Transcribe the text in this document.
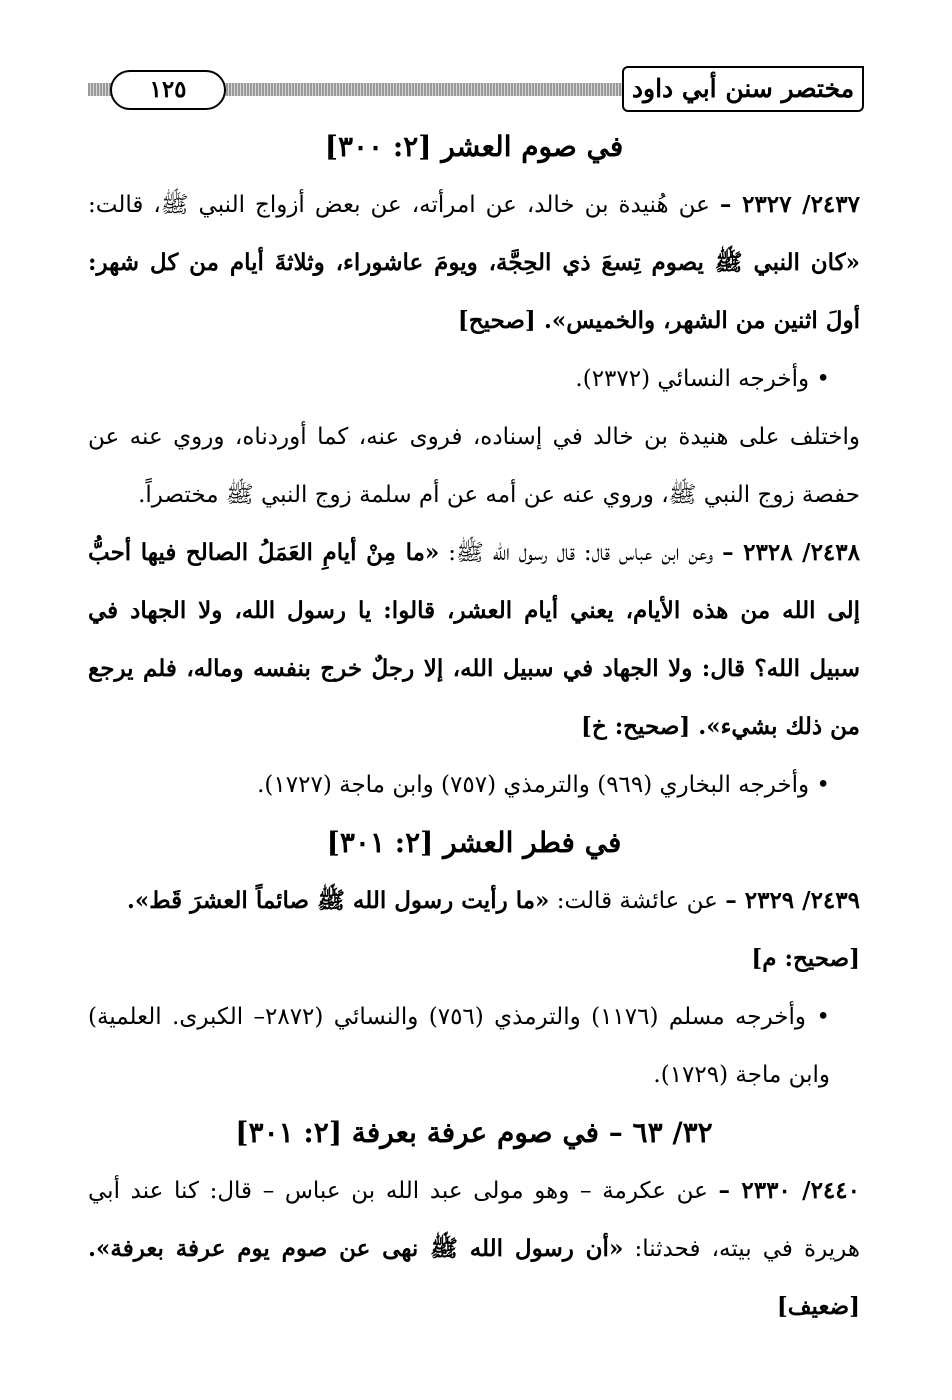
مختصر سنن أبي داود
١٢٥

في صوم العشر [٢: ٣٠٠]

٢٤٣٧/ ٢٣٢٧ – عن هُنيدة بن خالد، عن امرأته، عن بعض أزواج النبي ﷺ، قالت: «كان النبي ﷺ يصوم تِسعَ ذي الحِجَّة، ويومَ عاشوراء، وثلاثةَ أيام من كل شهر: أولَ اثنين من الشهر، والخميس». [صحيح]

• وأخرجه النسائي (٢٣٧٢).

واختلف على هنيدة بن خالد في إسناده، فروى عنه، كما أوردناه، وروي عنه عن حفصة زوج النبي ﷺ، وروي عنه عن أمه عن أم سلمة زوج النبي ﷺ مختصراً.

٢٤٣٨/ ٢٣٢٨ – وعن ابن عباس قال: قال رسول الله ﷺ: «ما مِنْ أيامِ العَمَلُ الصالح فيها أحبُّ إلى الله من هذه الأيام، يعني أيام العشر، قالوا: يا رسول الله، ولا الجهاد في سبيل الله؟ قال: ولا الجهاد في سبيل الله، إلا رجلٌ خرج بنفسه وماله، فلم يرجع من ذلك بشيء». [صحيح: خ]

• وأخرجه البخاري (٩٦٩) والترمذي (٧٥٧) وابن ماجة (١٧٢٧).

في فطر العشر [٢: ٣٠١]

٢٤٣٩/ ٢٣٢٩ – عن عائشة قالت: «ما رأيت رسول الله ﷺ صائماً العشرَ قَط».

[صحيح: م]

• وأخرجه مسلم (١١٧٦) والترمذي (٧٥٦) والنسائي (٢٨٧٢– الكبرى. العلمية) وابن ماجة (١٧٢٩).

٣٢/ ٦٣ – في صوم عرفة بعرفة [٢: ٣٠١]

٢٤٤٠/ ٢٣٣٠ – عن عكرمة – وهو مولى عبد الله بن عباس – قال: كنا عند أبي هريرة في بيته، فحدثنا: «أن رسول الله ﷺ نهى عن صوم يوم عرفة بعرفة». [ضعيف]
